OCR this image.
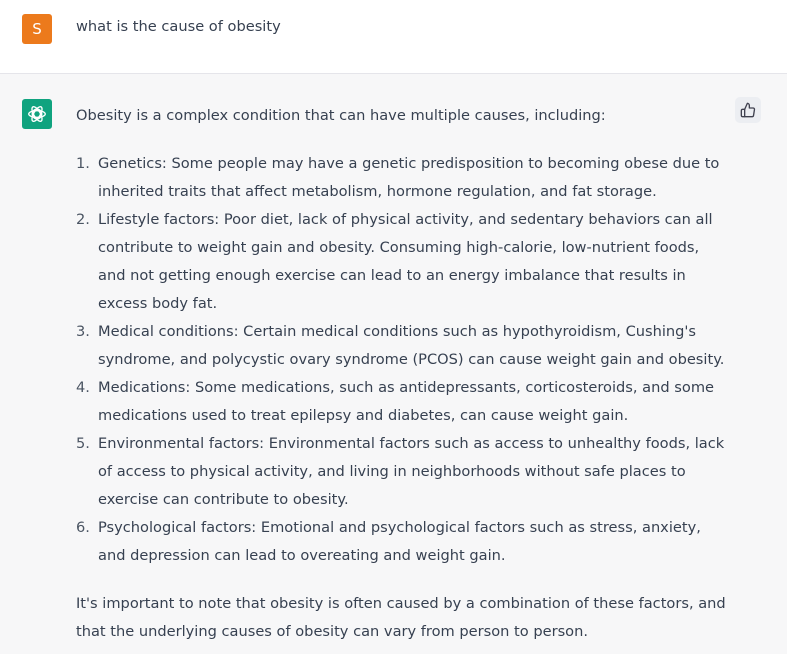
S	what is the cause of obesity

Obesity is a complex condition that can have multiple causes, including:

1. Genetics: Some people may have a genetic predisposition to becoming obese due to inherited traits that affect metabolism, hormone regulation, and fat storage.
2. Lifestyle factors: Poor diet, lack of physical activity, and sedentary behaviors can all contribute to weight gain and obesity. Consuming high-calorie, low-nutrient foods, and not getting enough exercise can lead to an energy imbalance that results in excess body fat.
3. Medical conditions: Certain medical conditions such as hypothyroidism, Cushing's syndrome, and polycystic ovary syndrome (PCOS) can cause weight gain and obesity.
4. Medications: Some medications, such as antidepressants, corticosteroids, and some medications used to treat epilepsy and diabetes, can cause weight gain.
5. Environmental factors: Environmental factors such as access to unhealthy foods, lack of access to physical activity, and living in neighborhoods without safe places to exercise can contribute to obesity.
6. Psychological factors: Emotional and psychological factors such as stress, anxiety, and depression can lead to overeating and weight gain.

It's important to note that obesity is often caused by a combination of these factors, and that the underlying causes of obesity can vary from person to person.
